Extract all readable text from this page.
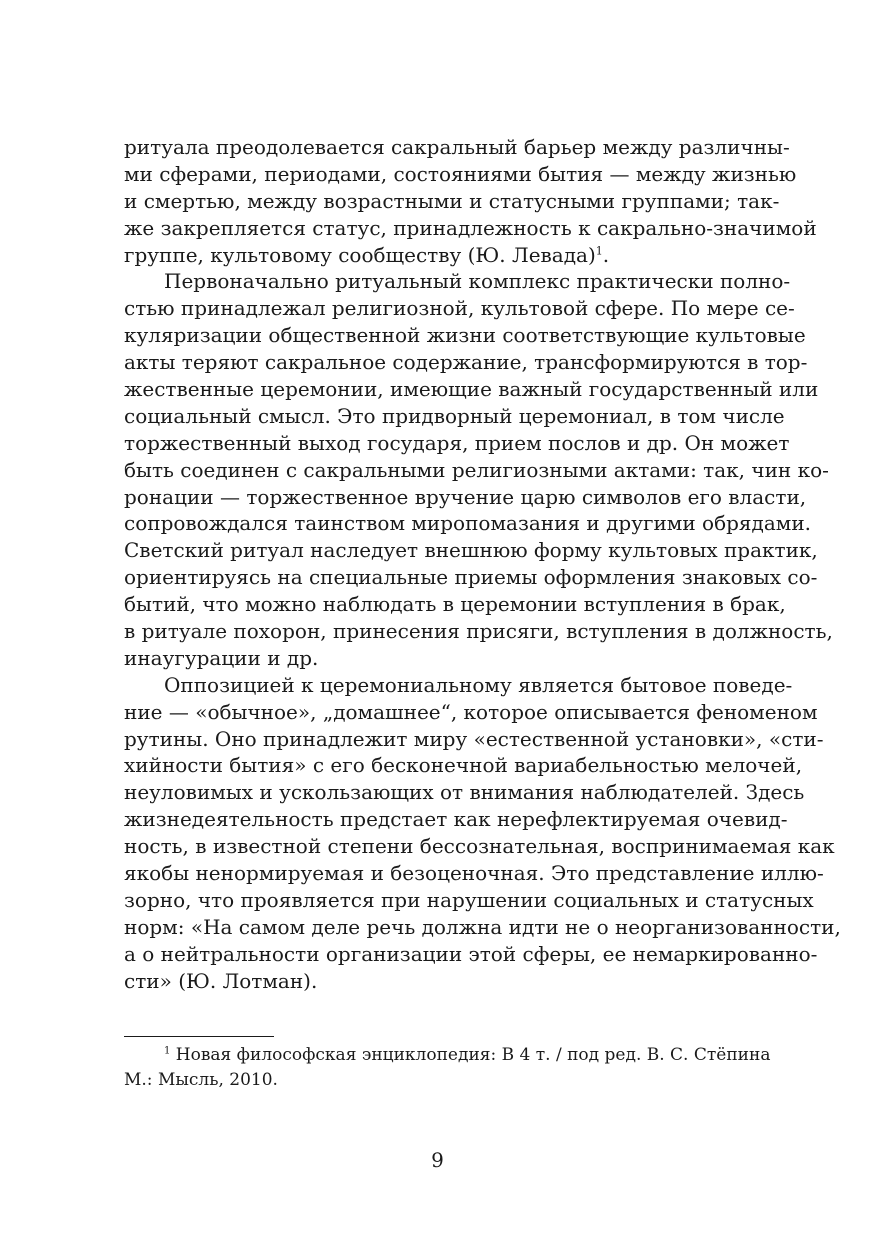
ритуала преодолевается сакральный барьер между различны-
ми сферами, периодами, состояниями бытия — между жизнью
и смертью, между возрастными и статусными группами; так-
же закрепляется статус, принадлежность к сакрально-значимой
группе, культовому сообществу (Ю. Левада)$^1$.
Первоначально ритуальный комплекс практически полно-
стью принадлежал религиозной, культовой сфере. По мере се-
куляризации общественной жизни соответствующие культовые
акты теряют сакральное содержание, трансформируются в тор-
жественные церемонии, имеющие важный государственный или
социальный смысл. Это придворный церемониал, в том числе
торжественный выход государя, прием послов и др. Он может
быть соединен с сакральными религиозными актами: так, чин ко-
ронации — торжественное вручение царю символов его власти,
сопровождался таинством миропомазания и другими обрядами.
Светский ритуал наследует внешнюю форму культовых практик,
ориентируясь на специальные приемы оформления знаковых со-
бытий, что можно наблюдать в церемонии вступления в брак,
в ритуале похорон, принесения присяги, вступления в должность,
инаугурации и др.
Оппозицией к церемониальному является бытовое поведе-
ние — «обычное», „домашнее“, которое описывается феноменом
рутины. Оно принадлежит миру «естественной установки», «сти-
хийности бытия» с его бесконечной вариабельностью мелочей,
неуловимых и ускользающих от внимания наблюдателей. Здесь
жизнедеятельность предстает как нерефлектируемая очевид-
ность, в известной степени бессознательная, воспринимаемая как
якобы ненормируемая и безоценочная. Это представление иллю-
зорно, что проявляется при нарушении социальных и статусных
норм: «На самом деле речь должна идти не о неорганизованности,
а о нейтральности организации этой сферы, ее немаркированно-
сти» (Ю. Лотман).
$^1$ Новая философская энциклопедия: В 4 т. / под ред. В. С. Стёпина
М.: Мысль, 2010.
9
